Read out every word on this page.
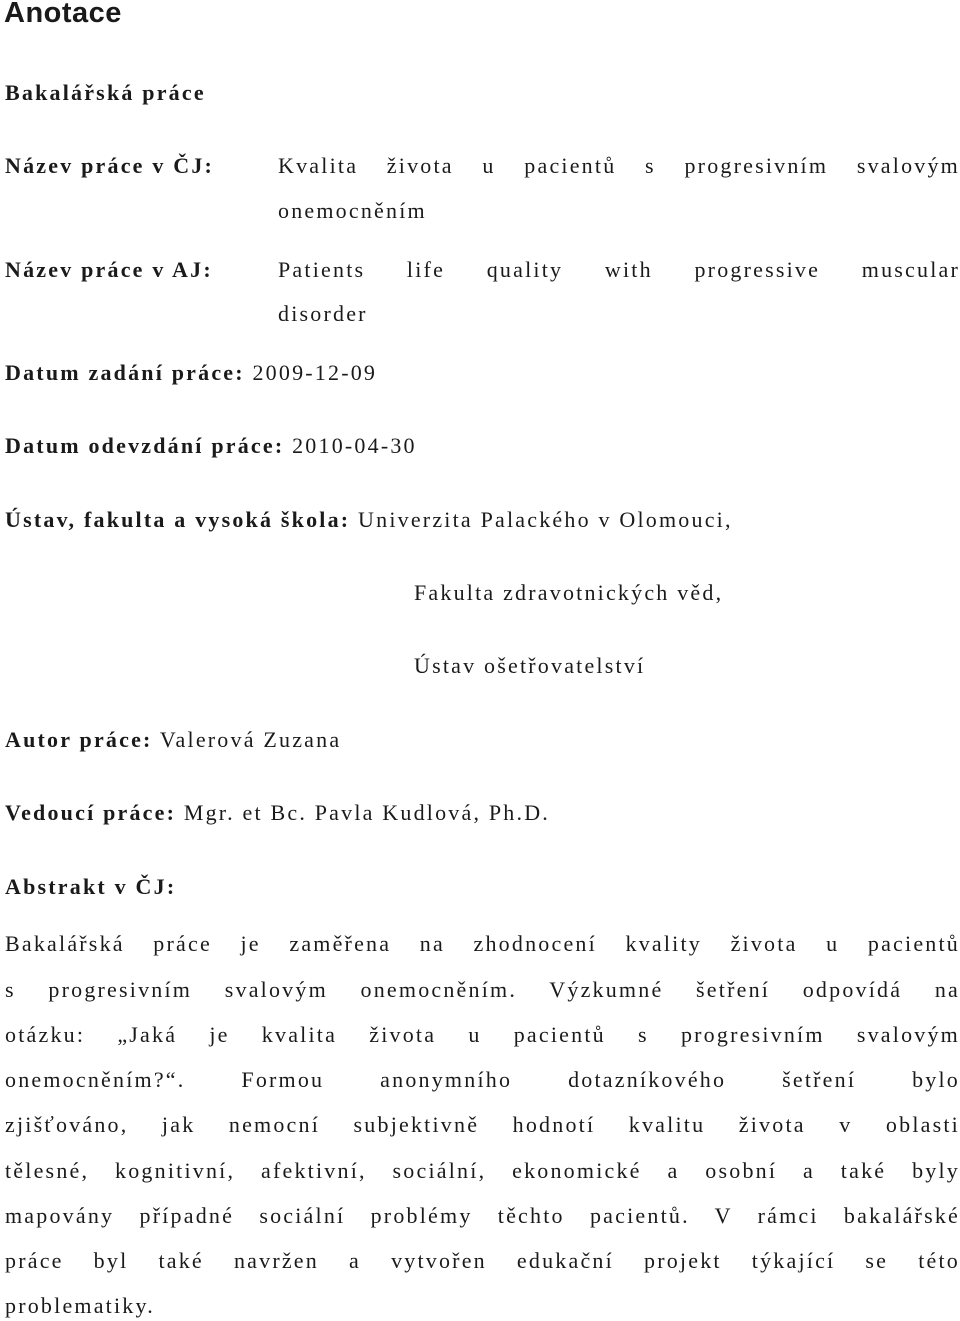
Anotace
Bakalářská práce
Název práce v ČJ:	Kvalita života u pacientů s progresivním svalovým
onemocněním
Název práce v AJ:	Patients life quality with progressive muscular
disorder
Datum zadání práce: 2009-12-09
Datum odevzdání práce: 2010-04-30
Ústav, fakulta a vysoká škola: Univerzita Palackého v Olomouci,
Fakulta zdravotnických věd,
Ústav ošetřovatelství
Autor práce: Valerová Zuzana
Vedoucí práce: Mgr. et Bc. Pavla Kudlová, Ph.D.
Abstrakt v ČJ:
Bakalářská práce je zaměřena na zhodnocení kvality života u pacientů
s progresivním svalovým onemocněním. Výzkumné šetření odpovídá na
otázku: „Jaká je kvalita života u pacientů s progresivním svalovým
onemocněním?“. Formou anonymního dotazníkového šetření bylo
zjišťováno, jak nemocní subjektivně hodnotí kvalitu života v oblasti
tělesné, kognitivní, afektivní, sociální, ekonomické a osobní a také byly
mapovány případné sociální problémy těchto pacientů. V rámci bakalářské
práce byl také navržen a vytvořen edukační projekt týkající se této
problematiky.
